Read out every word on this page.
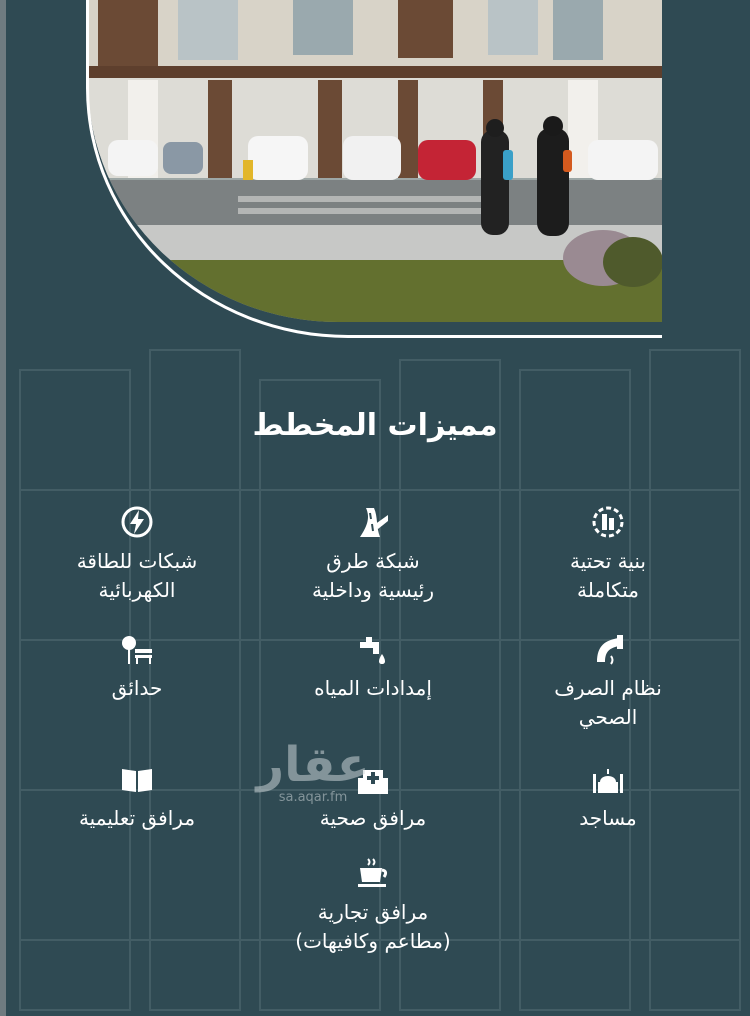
مميزات المخطط
بنية تحتية
متكاملة
شبكة طرق
رئيسية وداخلية
شبكات للطاقة
الكهربائية
نظام الصرف
الصحي
إمدادات المياه
حدائق
مساجد
مرافق صحية
مرافق تعليمية
مرافق تجارية
(مطاعم وكافيهات)
عقار
sa.aqar.fm
